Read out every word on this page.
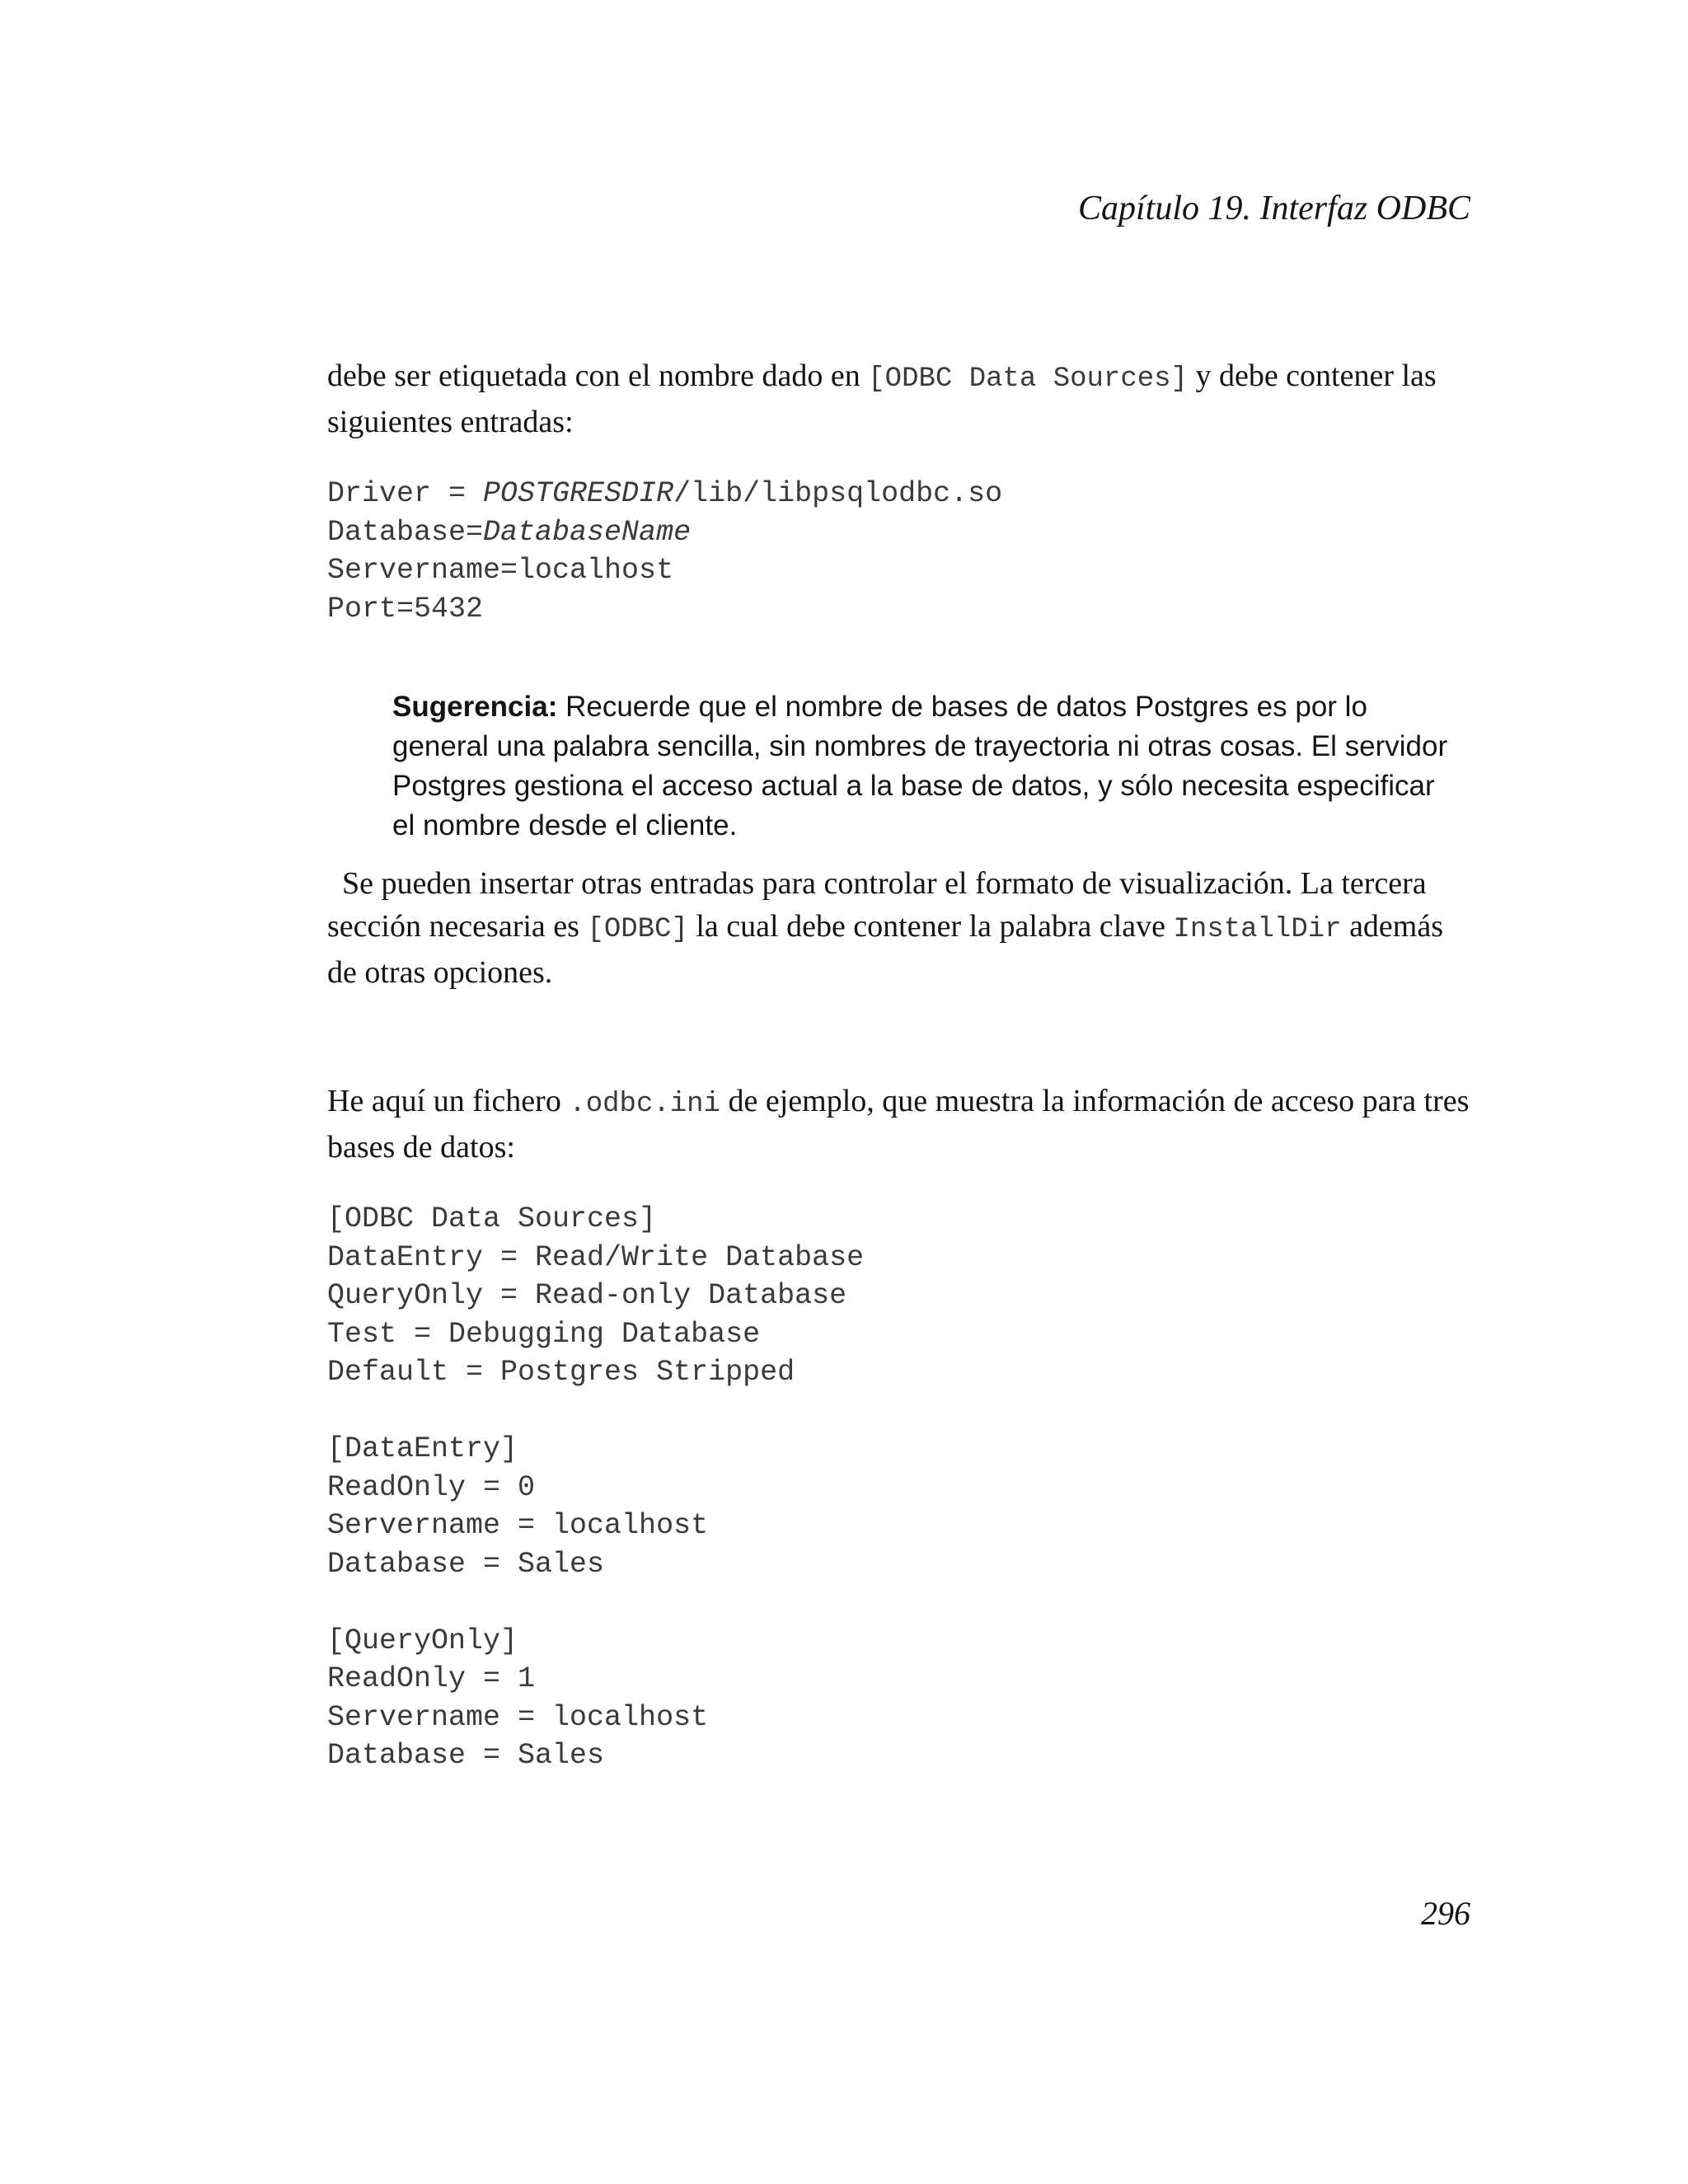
Capítulo 19. Interfaz ODBC

debe ser etiquetada con el nombre dado en [ODBC Data Sources] y debe contener las siguientes entradas:

Driver = POSTGRESDIR/lib/libpsqlodbc.so
Database=DatabaseName
Servername=localhost
Port=5432

Sugerencia: Recuerde que el nombre de bases de datos Postgres es por lo general una palabra sencilla, sin nombres de trayectoria ni otras cosas. El servidor Postgres gestiona el acceso actual a la base de datos, y sólo necesita especificar el nombre desde el cliente.

Se pueden insertar otras entradas para controlar el formato de visualización. La tercera sección necesaria es [ODBC] la cual debe contener la palabra clave InstallDir además de otras opciones.

He aquí un fichero .odbc.ini de ejemplo, que muestra la información de acceso para tres bases de datos:

[ODBC Data Sources]
DataEntry = Read/Write Database
QueryOnly = Read-only Database
Test = Debugging Database
Default = Postgres Stripped
[DataEntry]
ReadOnly = 0
Servername = localhost
Database = Sales
[QueryOnly]
ReadOnly = 1
Servername = localhost
Database = Sales
296
